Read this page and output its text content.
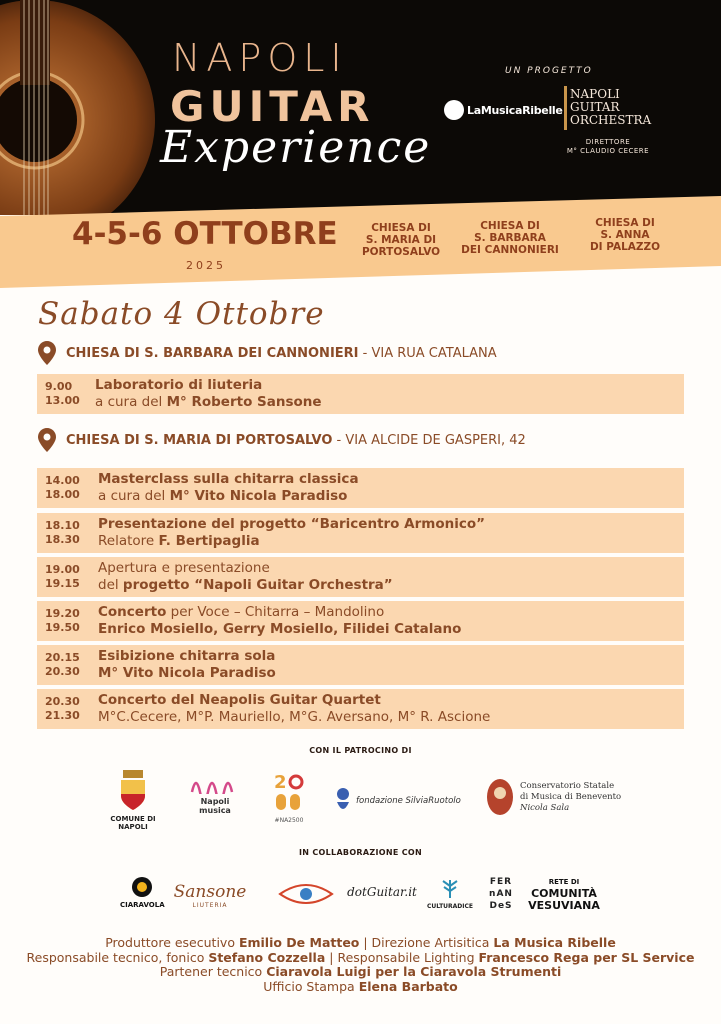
NAPOLI
GUITAR
Experience
UN PROGETTO
LaMusicaRibelle
NAPOLI
GUITAR
ORCHESTRA
DIRETTORE
M° CLAUDIO CECERE
4-5-6 OTTOBRE
2025
CHIESA DI
S. MARIA DI
PORTOSALVO
CHIESA DI
S. BARBARA
DEI CANNONIERI
CHIESA DI
S. ANNA
DI PALAZZO
Sabato 4 Ottobre
CHIESA DI S. BARBARA DEI CANNONIERI - VIA RUA CATALANA
9.00
13.00
Laboratorio di liuteria
a cura del M° Roberto Sansone
CHIESA DI S. MARIA DI PORTOSALVO - VIA ALCIDE DE GASPERI, 42
14.00
18.00
Masterclass sulla chitarra classica
a cura del M° Vito Nicola Paradiso
18.10
18.30
Presentazione del progetto “Baricentro Armonico”
Relatore F. Bertipaglia
19.00
19.15
Apertura e presentazione
del progetto “Napoli Guitar Orchestra”
19.20
19.50
Concerto per Voce – Chitarra – Mandolino
Enrico Mosiello, Gerry Mosiello, Filidei Catalano
20.15
20.30
Esibizione chitarra sola
M° Vito Nicola Paradiso
20.30
21.30
Concerto del Neapolis Guitar Quartet
M°C.Cecere, M°P. Mauriello, M°G. Aversano, M° R. Ascione
CON IL PATROCINO DI
COMUNE DI NAPOLI
Napoli
musica
2
#NA2500
fondazione SilviaRuotolo
Conservatorio Statale
di Musica di Benevento
Nicola Sala
IN COLLABORAZIONE CON
CIARAVOLA
Sansone
LIUTERIA
dotGuitar.it
CULTURADICE
FER
nAN
DeS
RETE DI
COMUNITÀ
VESUVIANA
Produttore esecutivo Emilio De Matteo | Direzione Artisitica La Musica Ribelle
Responsabile tecnico, fonico Stefano Cozzella | Responsabile Lighting Francesco Rega per SL Service
Partener tecnico Ciaravola Luigi per la Ciaravola Strumenti
Ufficio Stampa Elena Barbato
